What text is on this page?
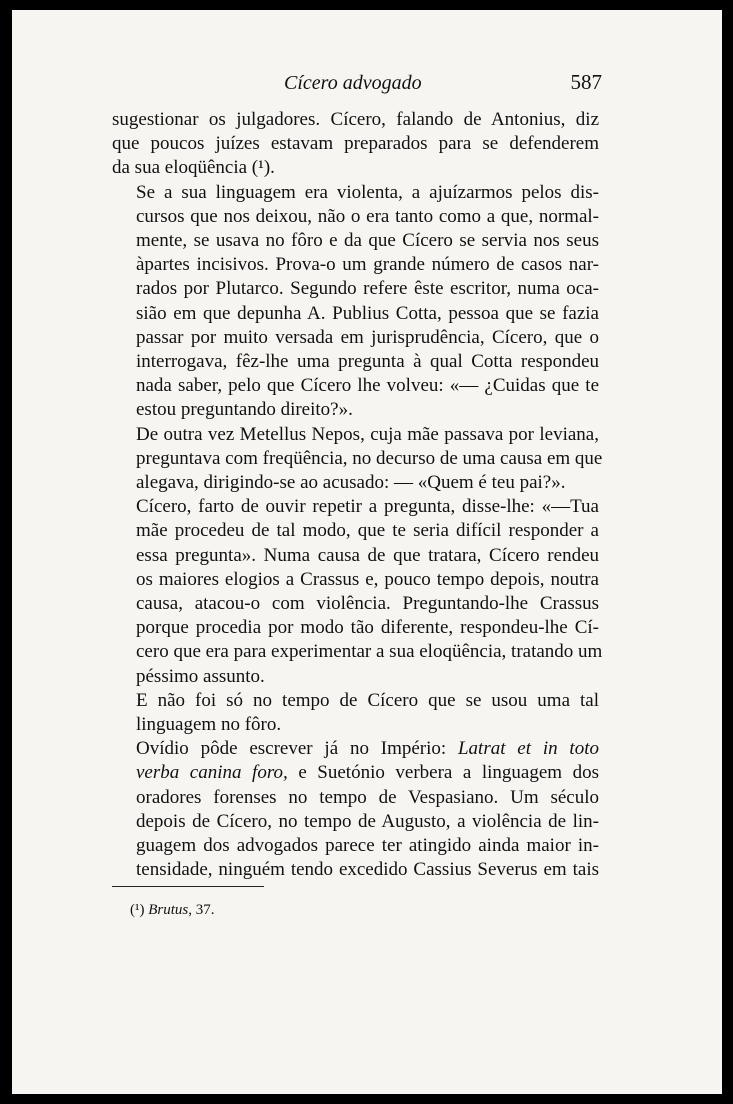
Cícero advogado	587

sugestionar os julgadores. Cícero, falando de Antonius, diz
que poucos juízes estavam preparados para se defenderem
da sua eloqüência (¹).

Se a sua linguagem era violenta, a ajuízarmos pelos dis-
cursos que nos deixou, não o era tanto como a que, normal-
mente, se usava no fôro e da que Cícero se servia nos seus
àpartes incisivos. Prova-o um grande número de casos nar-
rados por Plutarco. Segundo refere êste escritor, numa oca-
sião em que depunha A. Publius Cotta, pessoa que se fazia
passar por muito versada em jurisprudência, Cícero, que o
interrogava, fêz-lhe uma pregunta à qual Cotta respondeu
nada saber, pelo que Cícero lhe volveu: «— ¿Cuidas que te
estou preguntando direito?».

De outra vez Metellus Nepos, cuja mãe passava por leviana,
preguntava com freqüência, no decurso de uma causa em que
alegava, dirigindo-se ao acusado: — «Quem é teu pai?».

Cícero, farto de ouvir repetir a pregunta, disse-lhe: «—Tua
mãe procedeu de tal modo, que te seria difícil responder a
essa pregunta». Numa causa de que tratara, Cícero rendeu
os maiores elogios a Crassus e, pouco tempo depois, noutra
causa, atacou-o com violência. Preguntando-lhe Crassus
porque procedia por modo tão diferente, respondeu-lhe Cí-
cero que era para experimentar a sua eloqüência, tratando um
péssimo assunto.

E não foi só no tempo de Cícero que se usou uma tal
linguagem no fôro.

Ovídio pôde escrever já no Império: Latrat et in toto
verba canina foro, e Suetónio verbera a linguagem dos
oradores forenses no tempo de Vespasiano. Um século
depois de Cícero, no tempo de Augusto, a violência de lin-
guagem dos advogados parece ter atingido ainda maior in-
tensidade, ninguém tendo excedido Cassius Severus em tais

(¹) Brutus, 37.
